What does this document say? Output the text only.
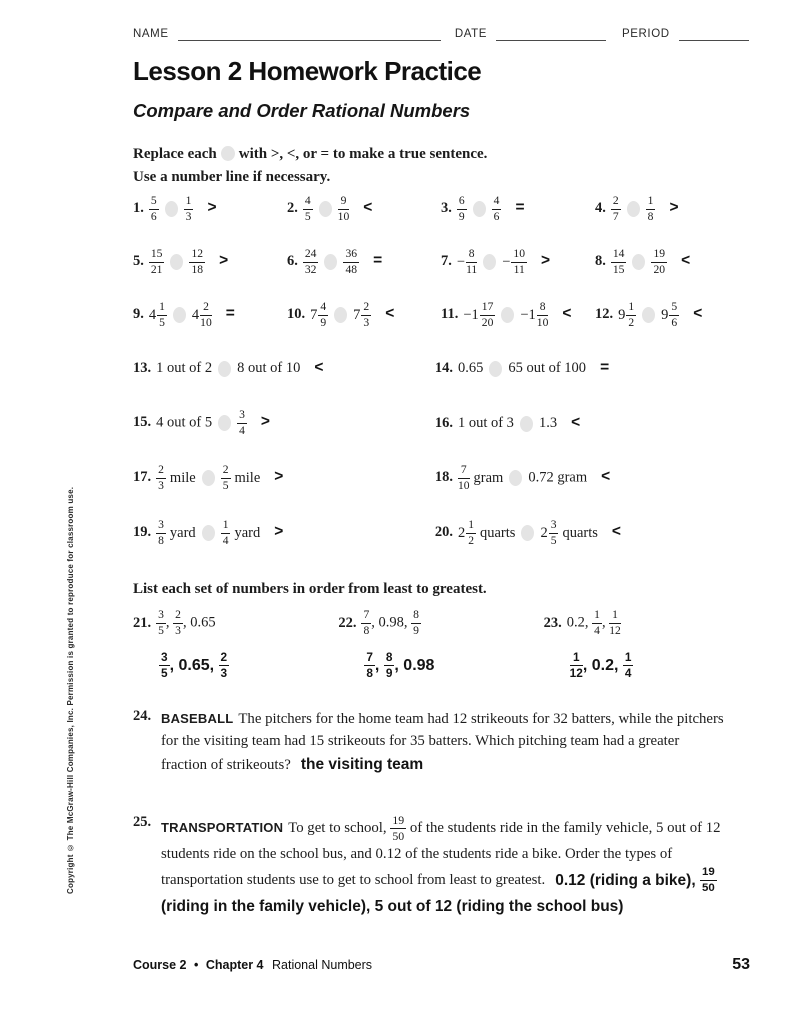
Copyright © The McGraw-Hill Companies, Inc. Permission is granted to reproduce for classroom use.
NAME	DATE	PERIOD
Lesson 2 Homework Practice
Compare and Order Rational Numbers
Replace each with >, <, or = to make a true sentence.
Use a number line if necessary.
1. $\frac{5}{6} \frac{1}{3}$ >	2. $\frac{4}{5} \frac{9}{10}$ <	3. $\frac{6}{9} \frac{4}{6}$ =	4. $\frac{2}{7} \frac{1}{8}$ >
5. $\frac{15}{21} \frac{12}{18}$ >	6. $\frac{24}{32} \frac{36}{48}$ =	7. − $\frac{8}{11} - \frac{10}{11}$ >	8. $\frac{14}{15} \frac{19}{20}$ <
9. $4 \frac{1}{5} 4 \frac{2}{10}$ =	10. $7 \frac{4}{9} 7 \frac{2}{3}$ <	11. $-1 \frac{17}{20} -1 \frac{8}{10}$ <	12. $9 \frac{1}{2} 9 \frac{5}{6}$ <
13. 1 out of 2 8 out of 10 <	14. 0.65 65 out of 100 =
15. 4 out of $5 \frac{3}{4}$ >	16. 1 out of 3 1.3 <
17. $\frac{2}{3}$ mile $\frac{2}{5}$ mile >	18. $\frac{7}{10}$ gram 0.72 gram <
19. $\frac{3}{8}$ yard $\frac{1}{4}$ yard >	20. $2 \frac{1}{2}$ quarts $2 \frac{3}{5}$ quarts <
List each set of numbers in order from least to greatest.
21. $\frac{3}{5}$ , $\frac{2}{3}$ , 0.65
$\frac{3}{5}$ , 0.65, $\frac{2}{3}$
22. $\frac{7}{8}$ , 0.98, $\frac{8}{9}$
$\frac{7}{8}$ , $\frac{8}{9}$ , 0.98
23. 0.2, $\frac{1}{4}$ , $\frac{1}{12}$
$\frac{1}{12}$ , 0.2, $\frac{1}{4}$
24. BASEBALL The pitchers for the home team had 12 strikeouts for 32 batters, while the pitchers for the visiting team had 15 strikeouts for 35 batters. Which pitching team had a greater fraction of strikeouts? the visiting team
25. TRANSPORTATION To get to school, $\frac{19}{50}$ of the students ride in the family vehicle, 5 out of 12 students ride on the school bus, and 0.12 of the students ride a bike. Order the types of transportation students use to get to school from least to greatest. 0.12 (riding a bike), $\frac{19}{50}$
(riding in the family vehicle), 5 out of 12 (riding the school bus)
Course 2 • Chapter 4 Rational Numbers	53
